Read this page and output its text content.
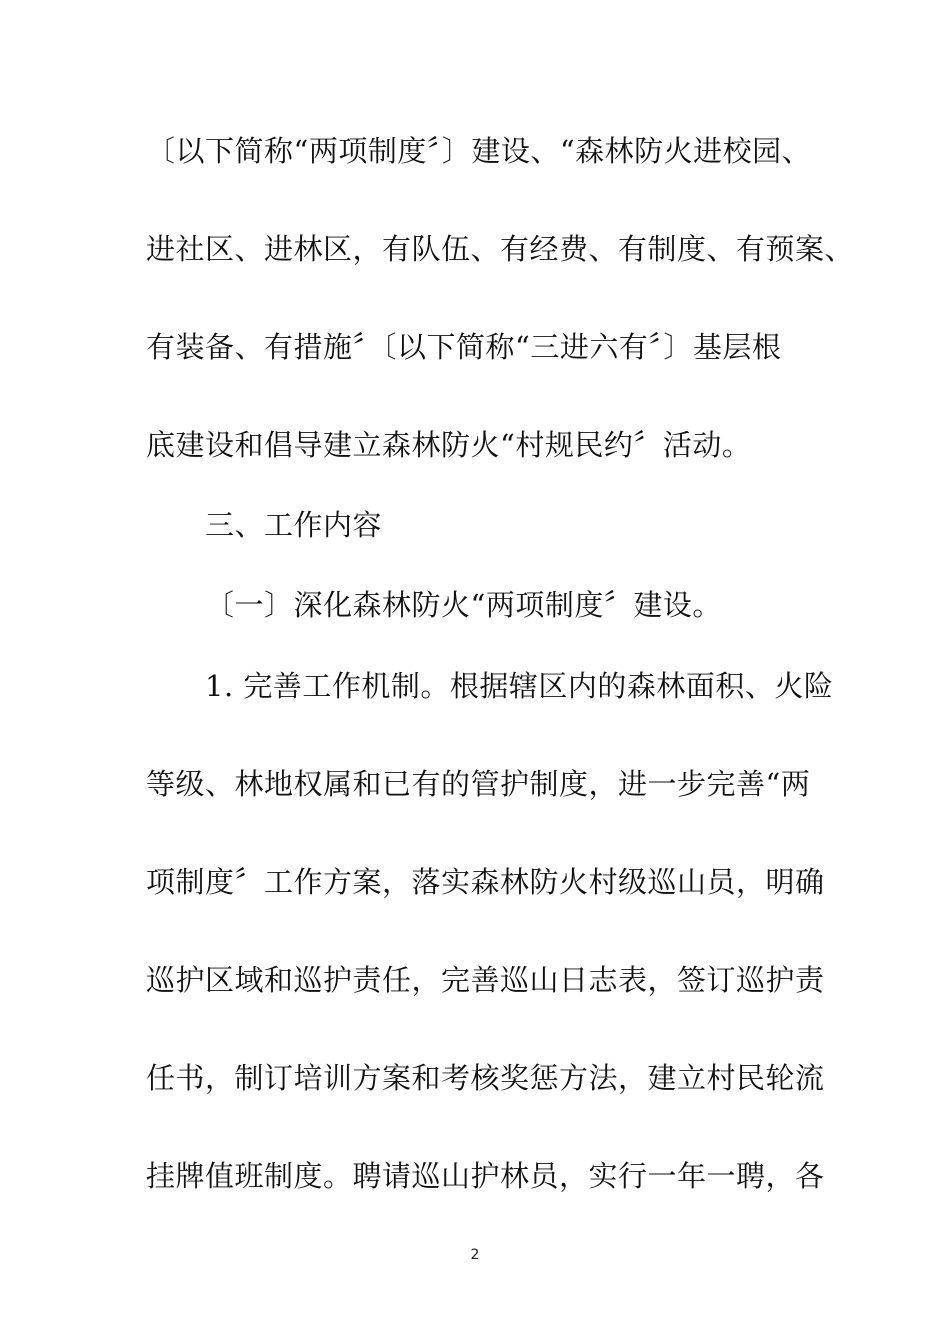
〔以下简称“两项制度〞〕建设、“森林防火进校园、
进社区、进林区，有队伍、有经费、有制度、有预案、
有装备、有措施〞〔以下简称“三进六有〞〕基层根
底建设和倡导建立森林防火“村规民约〞活动。
三、工作内容
〔一〕深化森林防火“两项制度〞建设。
1. 完善工作机制。根据辖区内的森林面积、火险
等级、林地权属和已有的管护制度，进一步完善“两
项制度〞工作方案，落实森林防火村级巡山员，明确
巡护区域和巡护责任，完善巡山日志表，签订巡护责
任书，制订培训方案和考核奖惩方法，建立村民轮流
挂牌值班制度。聘请巡山护林员，实行一年一聘，各
2
